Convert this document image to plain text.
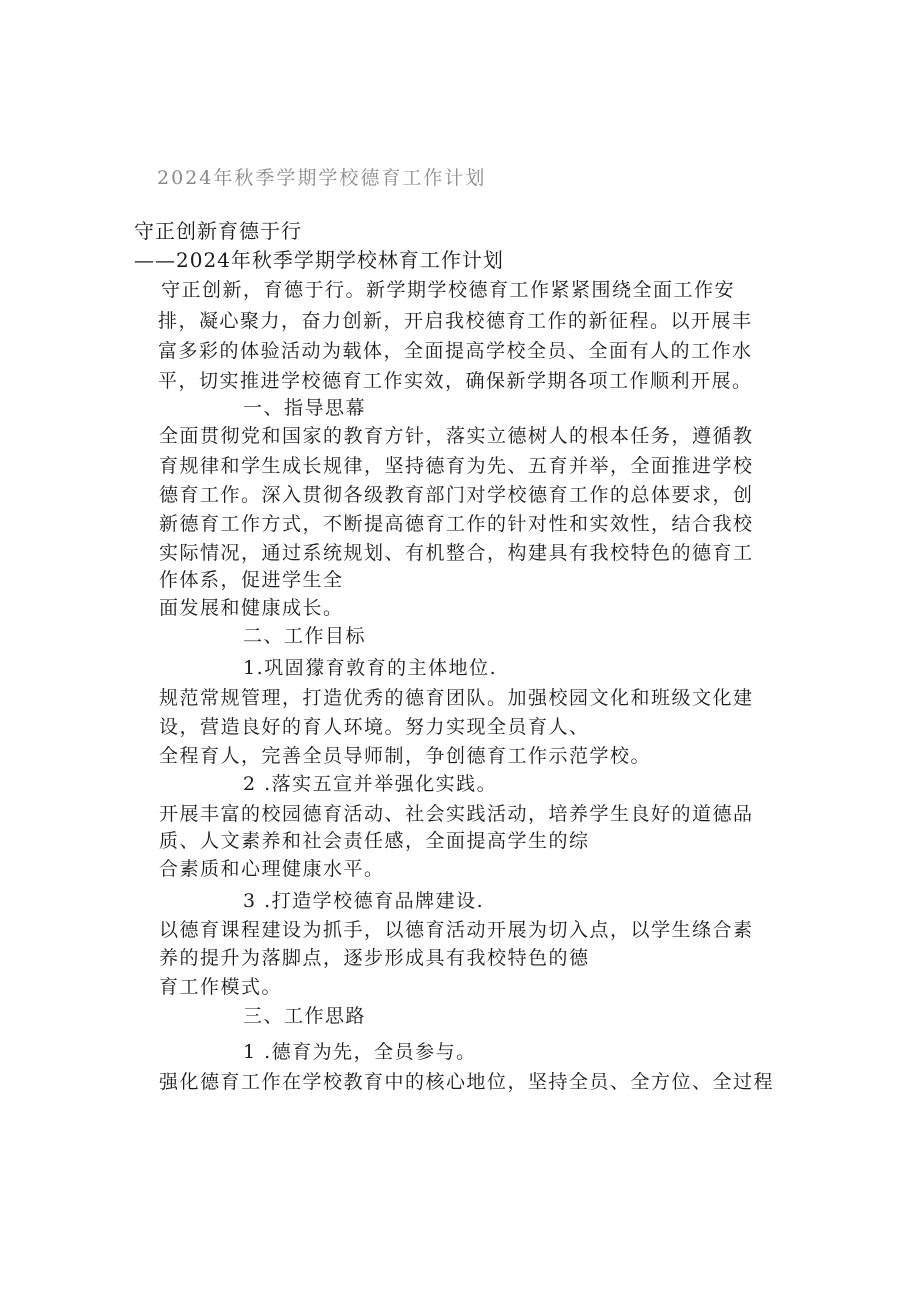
2024年秋季学期学校德育工作计划
守正创新育德于行
——2024年秋季学期学校林育工作计划
守正创新，育德于行。新学期学校德育工作紧紧围绕全面工作安
排，凝心聚力，奋力创新，开启我校德育工作的新征程。以开展丰
富多彩的体验活动为载体，全面提高学校全员、全面有人的工作水
平，切实推进学校德育工作实效，确保新学期各项工作顺利开展。
一、指导思幕
全面贯彻党和国家的教育方针，落实立德树人的根本任务，遵循教
育规律和学生成长规律，坚持德育为先、五育并举，全面推进学校
德育工作。深入贯彻各级教育部门对学校德育工作的总体要求，创
新德育工作方式，不断提高德育工作的针对性和实效性，结合我校
实际情况，通过系统规划、有机整合，构建具有我校特色的德育工
作体系，促进学生全
面发展和健康成长。
二、工作目标
1.巩固獴育敦育的主体地位.
规范常规管理，打造优秀的德育团队。加强校园文化和班级文化建
设，营造良好的育人环境。努力实现全员育人、
全程育人，完善全员导师制，争创德育工作示范学校。
2 .落实五宣并举强化实践。
开展丰富的校园德育活动、社会实践活动，培养学生良好的道德品
质、人文素养和社会责任感，全面提高学生的综
合素质和心理健康水平。
3 .打造学校德育品牌建设.
以德育课程建设为抓手，以德育活动开展为切入点，以学生绦合素
养的提升为落脚点，逐步形成具有我校特色的德
育工作模式。
三、工作思路
1 .德育为先，全员参与。
强化德育工作在学校教育中的核心地位，坚持全员、全方位、全过程
